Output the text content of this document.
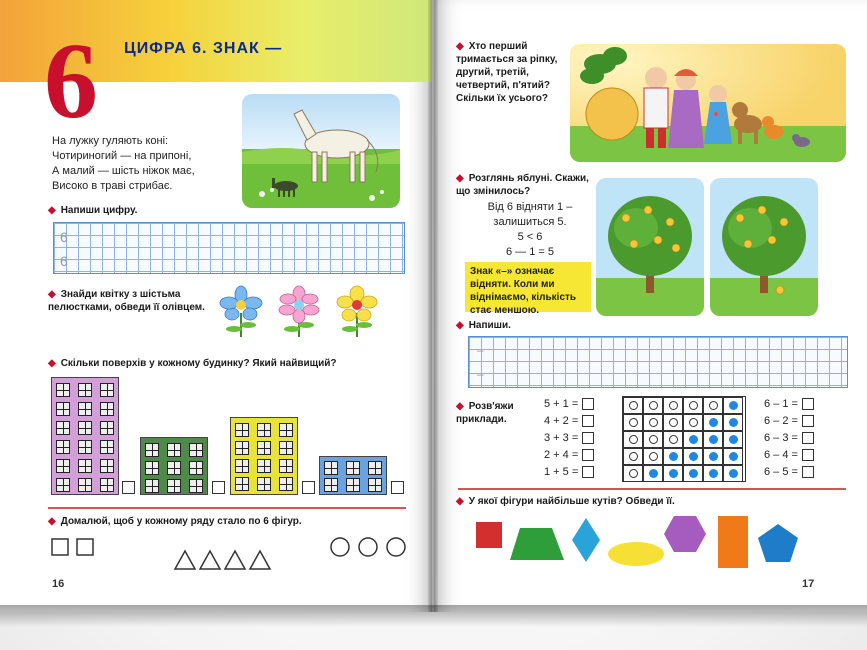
6 ЦИФРА 6. ЗНАК —
На лужку гуляють коні:
Чотириногий — на припоні,
А малий — шість ніжок має,
Високо в траві стрибає.
◆ Напиши цифру.
6
6
◆ Знайди квітку з шістьма пелюстками, обведи її олівцем.
◆ Скільки поверхів у кожному будинку? Який найвищий?
◆ Домалюй, щоб у кожному ряду стало по 6 фігур.
16
◆ Хто перший тримається за ріпку, другий, третій, четвертий, п'ятий? Скільки їх усього?
◆ Розглянь яблуні. Скажи, що змінилось?
Від 6 відняти 1 –
залишиться 5.
5 < 6
6 — 1 = 5
Знак «–» означає відняти. Коли ми віднімаємо, кількість стає меншою.
◆ Напиши.
–
–
◆ Розв'яжи приклади.
5 + 1 =
4 + 2 =
3 + 3 =
2 + 4 =
1 + 5 =
6 – 1 =
6 – 2 =
6 – 3 =
6 – 4 =
6 – 5 =
◆ У якої фігури найбільше кутів? Обведи її.
17
